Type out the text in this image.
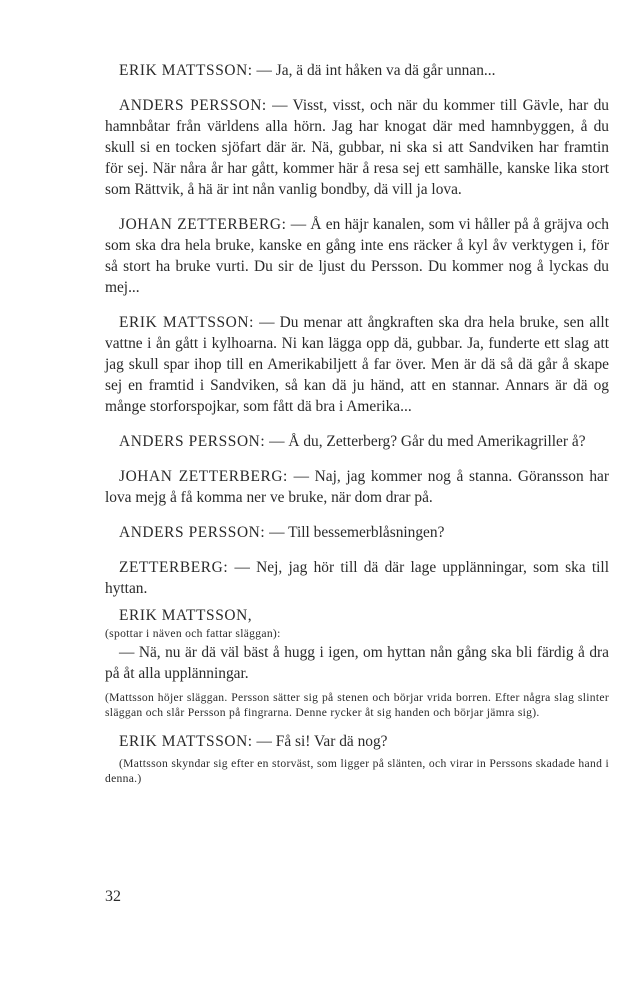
ERIK MATTSSON: — Ja, ä dä int håken va dä går unnan...

ANDERS PERSSON: — Visst, visst, och när du kommer till Gävle, har du hamnbåtar från världens alla hörn. Jag har knogat där med hamnbyggen, å du skull si en tocken sjöfart där är. Nä, gubbar, ni ska si att Sandviken har framtin för sej. När nåra år har gått, kommer här å resa sej ett samhälle, kanske lika stort som Rättvik, å hä är int nån vanlig bondby, dä vill ja lova.

JOHAN ZETTERBERG: — Å en häjr kanalen, som vi håller på å gräjva och som ska dra hela bruke, kanske en gång inte ens räcker å kyl åv verktygen i, för så stort ha bruke vurti. Du sir de ljust du Persson. Du kommer nog å lyckas du mej...

ERIK MATTSSON: — Du menar att ångkraften ska dra hela bruke, sen allt vattne i ån gått i kylhoarna. Ni kan lägga opp dä, gubbar. Ja, funderte ett slag att jag skull spar ihop till en Amerikabiljett å far över. Men är dä så dä går å skape sej en framtid i Sandviken, så kan dä ju händ, att en stannar. Annars är dä og månge storforspojkar, som fått dä bra i Amerika...

ANDERS PERSSON: — Å du, Zetterberg? Går du med Amerikagriller å?

JOHAN ZETTERBERG: — Naj, jag kommer nog å stanna. Göransson har lova mejg å få komma ner ve bruke, när dom drar på.

ANDERS PERSSON: — Till bessemerblåsningen?

ZETTERBERG: — Nej, jag hör till dä där lage upplänningar, som ska till hyttan.

ERIK MATTSSON,

(spottar i näven och fattar släggan):

— Nä, nu är dä väl bäst å hugg i igen, om hyttan nån gång ska bli färdig å dra på åt alla upplänningar.

(Mattsson höjer släggan. Persson sätter sig på stenen och börjar vrida borren. Efter några slag slinter släggan och slår Persson på fingrarna. Denne rycker åt sig handen och börjar jämra sig).

ERIK MATTSSON: — Få si! Var dä nog?

(Mattsson skyndar sig efter en storväst, som ligger på slänten, och virar in Perssons skadade hand i denna.)

32
